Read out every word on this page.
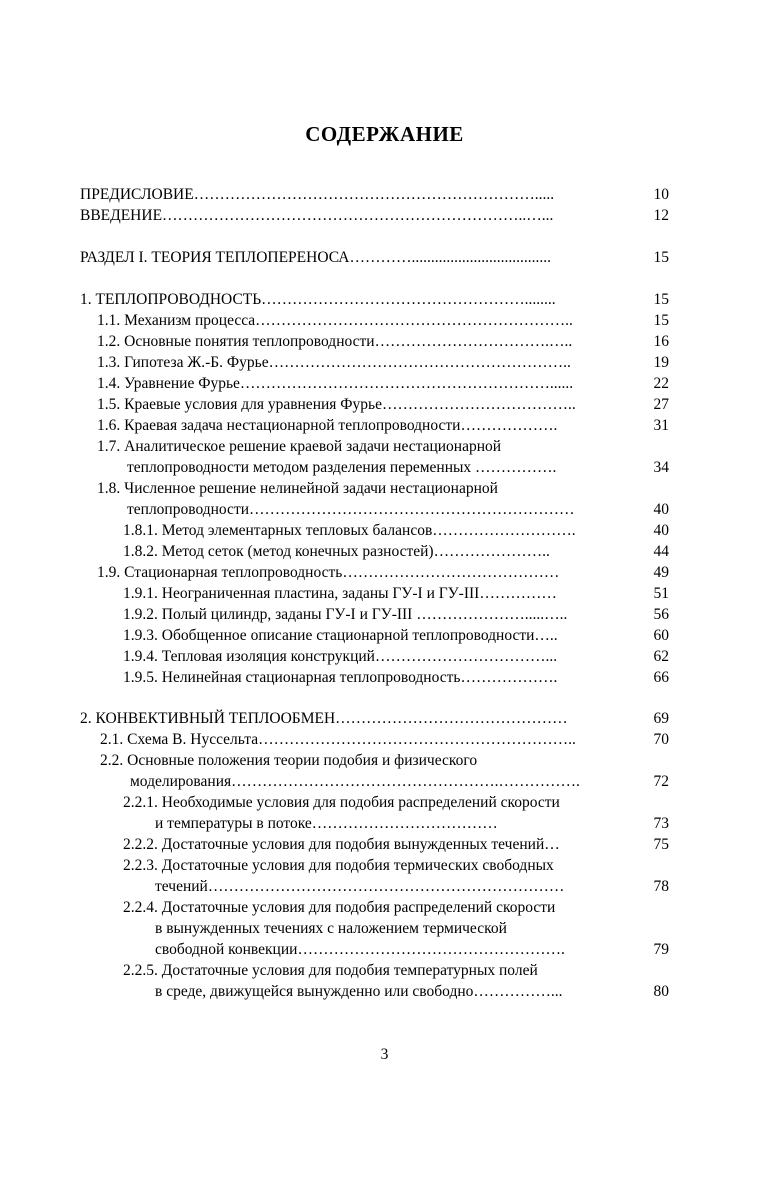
СОДЕРЖАНИЕ
ПРЕДИСЛОВИЕ………………………………………………………….....	10
ВВЕДЕНИЕ……………………………………………………………..…...	12
РАЗДЕЛ I. ТЕОРИЯ ТЕПЛОПЕРЕНОСА…………....................................	15
1. ТЕПЛОПРОВОДНОСТЬ……………………………………………........	15
1.1. Механизм процесса……………………………………………………..	15
1.2. Основные понятия теплопроводности…………………………….…..	16
1.3. Гипотеза Ж.-Б. Фурье…………………………………………………..	19
1.4. Уравнение Фурье……………………………………………………......	22
1.5. Краевые условия для уравнения Фурье………………………………..	27
1.6. Краевая задача нестационарной теплопроводности……………….	31
1.7. Аналитическое решение краевой задачи нестационарной
теплопроводности методом разделения переменных …………….	34
1.8. Численное решение нелинейной задачи нестационарной
теплопроводности………………………………………………………	40
1.8.1. Метод элементарных тепловых балансов……………………….	40
1.8.2. Метод сеток (метод конечных разностей)…………………..	44
1.9. Стационарная теплопроводность……………………………………	49
1.9.1. Неограниченная пластина, заданы ГУ-I и ГУ-III……………	51
1.9.2. Полый цилиндр, заданы ГУ-I и ГУ-III ………………….....…..	56
1.9.3. Обобщенное описание стационарной теплопроводности…..	60
1.9.4. Тепловая изоляция конструкций……………………………...	62
1.9.5. Нелинейная стационарная теплопроводность……………….	66
2. КОНВЕКТИВНЫЙ ТЕПЛООБМЕН………………………………………	69
2.1. Схема В. Нуссельта……………………………………………………..	70
2.2. Основные положения теории подобия и физического
моделирования…………………………………………….…………….	72
2.2.1. Необходимые условия для подобия распределений скорости
и температуры в потоке………………………………	73
2.2.2. Достаточные условия для подобия вынужденных течений…	75
2.2.3. Достаточные условия для подобия термических свободных
течений……………………………………………………………	78
2.2.4. Достаточные условия для подобия распределений скорости
в вынужденных течениях с наложением термической
свободной конвекции…………………………………………….	79
2.2.5. Достаточные условия для подобия температурных полей
в среде, движущейся вынужденно или свободно……………...	80
3
